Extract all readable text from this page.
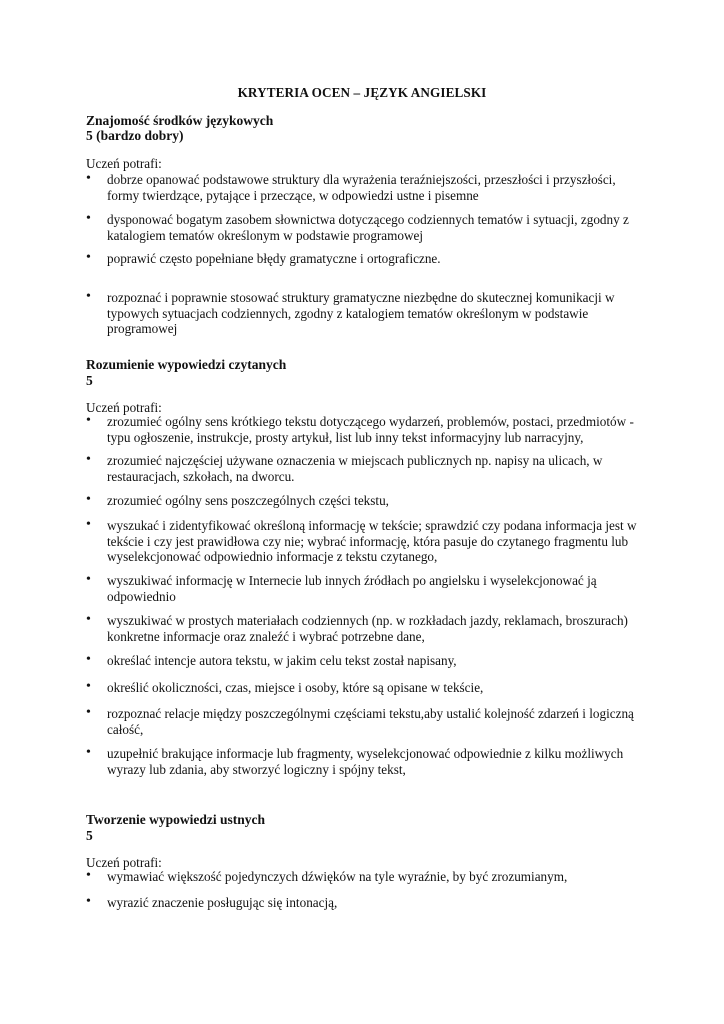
KRYTERIA OCEN – JĘZYK ANGIELSKI
Znajomość środków językowych
5 (bardzo dobry)
Uczeń potrafi:
• dobrze opanować podstawowe struktury dla wyrażenia teraźniejszości, przeszłości i przyszłości, formy twierdzące, pytające i przeczące, w odpowiedzi ustne i pisemne
• dysponować bogatym zasobem słownictwa dotyczącego codziennych tematów i sytuacji, zgodny z katalogiem tematów określonym w podstawie programowej
• poprawić często popełniane błędy gramatyczne i ortograficzne.
• rozpoznać i poprawnie stosować struktury gramatyczne niezbędne do skutecznej komunikacji w typowych sytuacjach codziennych, zgodny z katalogiem tematów określonym w podstawie programowej
Rozumienie wypowiedzi czytanych
5
Uczeń potrafi:
• zrozumieć ogólny sens krótkiego tekstu dotyczącego wydarzeń, problemów, postaci, przedmiotów - typu ogłoszenie, instrukcje, prosty artykuł, list lub inny tekst informacyjny lub narracyjny,
• zrozumieć najczęściej używane oznaczenia w miejscach publicznych np. napisy na ulicach, w restauracjach, szkołach, na dworcu.
• zrozumieć ogólny sens poszczególnych części tekstu,
• wyszukać i zidentyfikować określoną informację w tekście; sprawdzić czy podana informacja jest w tekście i czy jest prawidłowa czy nie; wybrać informację, która pasuje do czytanego fragmentu lub wyselekcjonować odpowiednio informacje z tekstu czytanego,
• wyszukiwać informację w Internecie lub innych źródłach po angielsku i wyselekcjonować ją odpowiednio
• wyszukiwać w prostych materiałach codziennych (np. w rozkładach jazdy, reklamach, broszurach) konkretne informacje oraz znaleźć i wybrać potrzebne dane,
• określać intencje autora tekstu, w jakim celu tekst został napisany,
• określić okoliczności, czas, miejsce i osoby, które są opisane w tekście,
• rozpoznać relacje między poszczególnymi częściami tekstu,aby ustalić kolejność zdarzeń i logiczną całość,
• uzupełnić brakujące informacje lub fragmenty, wyselekcjonować odpowiednie z kilku możliwych wyrazy lub zdania, aby stworzyć logiczny i spójny tekst,
Tworzenie wypowiedzi ustnych
5
Uczeń potrafi:
• wymawiać większość pojedynczych dźwięków na tyle wyraźnie, by być zrozumianym,
• wyrazić znaczenie posługując się intonacją,
